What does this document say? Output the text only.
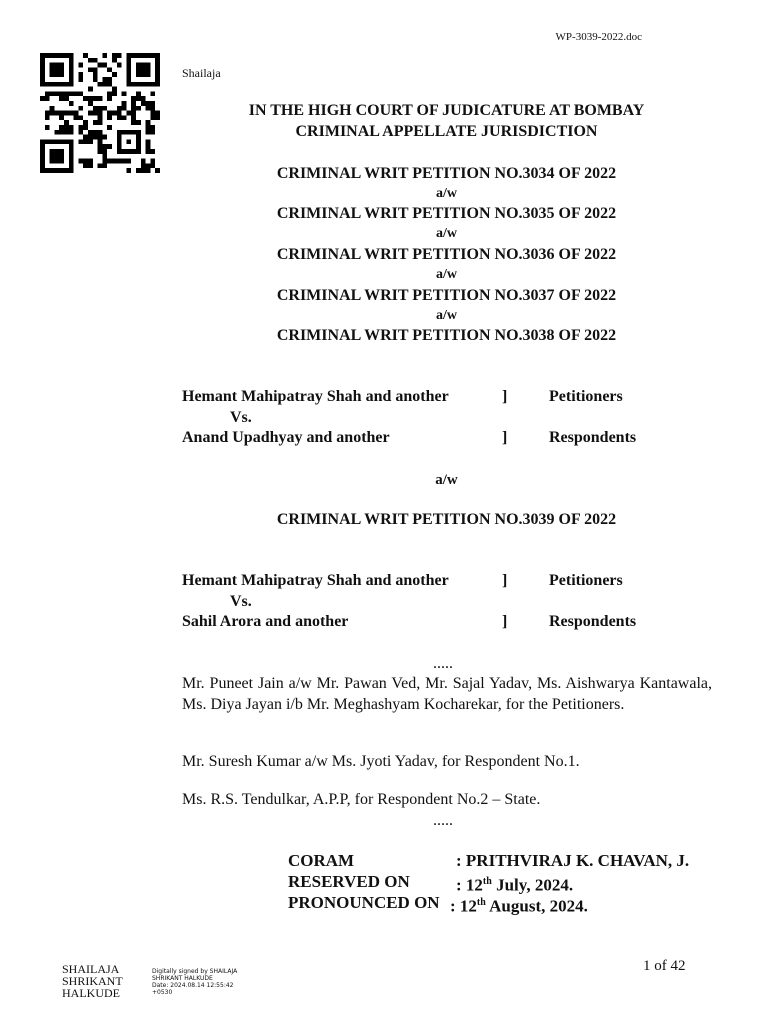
WP-3039-2022.doc
Shailaja
IN THE HIGH COURT OF JUDICATURE AT BOMBAY
CRIMINAL APPELLATE JURISDICTION
CRIMINAL WRIT PETITION NO.3034 OF 2022
a/w
CRIMINAL WRIT PETITION NO.3035 OF 2022
a/w
CRIMINAL WRIT PETITION NO.3036 OF 2022
a/w
CRIMINAL WRIT PETITION NO.3037 OF 2022
a/w
CRIMINAL WRIT PETITION NO.3038 OF 2022
Hemant Mahipatray Shah and another	]	Petitioners
Vs.
Anand Upadhyay and another	]	Respondents
a/w
CRIMINAL WRIT PETITION NO.3039 OF 2022
Hemant Mahipatray Shah and another	]	Petitioners
Vs.
Sahil Arora and another	]	Respondents
.....
Mr. Puneet Jain a/w Mr. Pawan Ved, Mr. Sajal Yadav, Ms. Aishwarya Kantawala, Ms. Diya Jayan i/b Mr. Meghashyam Kocharekar, for the Petitioners.
Mr. Suresh Kumar a/w Ms. Jyoti Yadav, for Respondent No.1.
Ms. R.S. Tendulkar, A.P.P, for Respondent No.2 – State.
.....
CORAM	: PRITHVIRAJ K. CHAVAN, J.
RESERVED ON	: 12th July, 2024.
PRONOUNCED ON : 12th August, 2024.
SHAILAJA
SHRIKANT
HALKUDE
Digitally signed by SHAILAJA
SHRIKANT HALKUDE
Date: 2024.08.14 12:55:42
+0530
1 of 42
